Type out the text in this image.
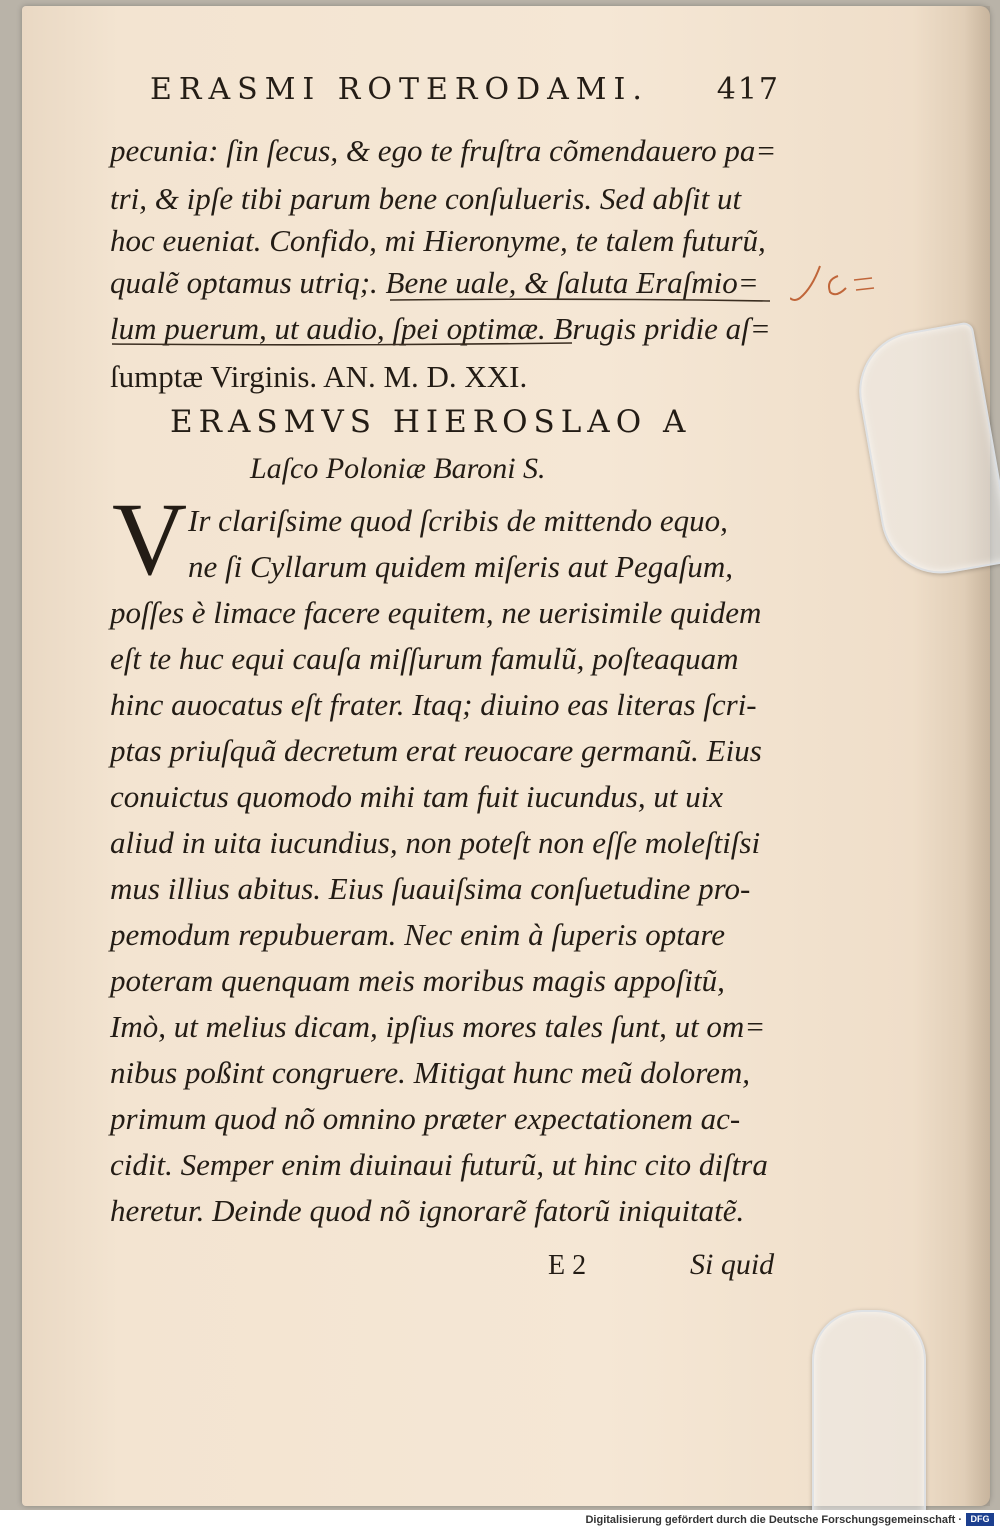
ERASMI ROTERODAMI. 417
pecunia: ſin ſecus, & ego te fruſtra cõmendauero pa=
tri, & ipſe tibi parum bene conſulueris. Sed abſit ut
hoc eueniat. Confido, mi Hieronyme, te talem futurũ,
qualẽ optamus utriq;. Bene uale, & ſaluta Eraſmio=
lum puerum, ut audio, ſpei optimæ. Brugis pridie aſ=
ſumptæ Virginis. AN. M. D. XXI.
ERASMVS HIEROSLAO A
Laſco Poloniæ Baroni S.
V Ir clariſsime quod ſcribis de mittendo equo,
ne ſi Cyllarum quidem miſeris aut Pegaſum,
poſſes è limace facere equitem, ne uerisimile quidem
eſt te huc equi cauſa miſſurum famulũ, poſteaquam
hinc auocatus eſt frater. Itaq; diuino eas literas ſcri-
ptas priuſquã decretum erat reuocare germanũ. Eius
conuictus quomodo mihi tam fuit iucundus, ut uix
aliud in uita iucundius, non poteſt non eſſe moleſtiſsi
mus illius abitus. Eius ſuauiſsima conſuetudine pro-
pemodum repubueram. Nec enim à ſuperis optare
poteram quenquam meis moribus magis appoſitũ,
Imò, ut melius dicam, ipſius mores tales ſunt, ut om=
nibus poßint congruere. Mitigat hunc meũ dolorem,
primum quod nõ omnino præter expectationem ac-
cidit. Semper enim diuinaui futurũ, ut hinc cito diſtra
heretur. Deinde quod nõ ignorarẽ fatorũ iniquitatẽ.
E 2	Si quid
Digitalisierung gefördert durch die Deutsche Forschungsgemeinschaft · DFG
